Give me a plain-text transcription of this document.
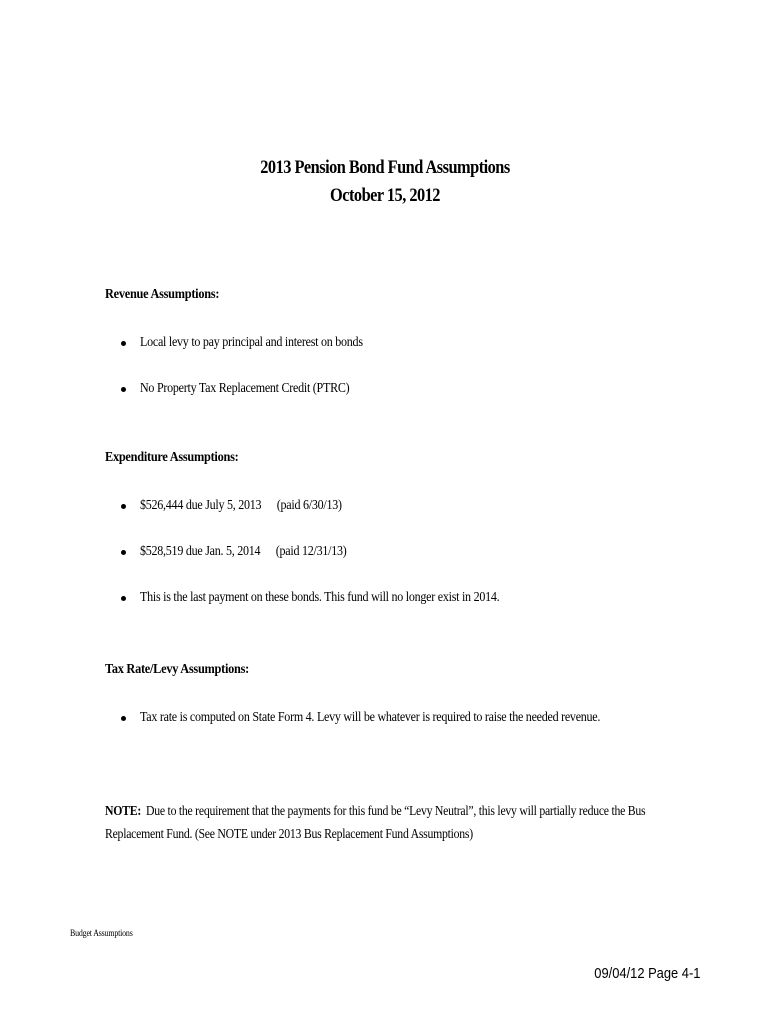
2013 Pension Bond Fund Assumptions
October 15, 2012
Revenue Assumptions:
Local levy to pay principal and interest on bonds
No Property Tax Replacement Credit (PTRC)
Expenditure Assumptions:
$526,444 due July 5, 2013 (paid 6/30/13)
$528,519 due Jan. 5, 2014 (paid 12/31/13)
This is the last payment on these bonds. This fund will no longer exist in 2014.
Tax Rate/Levy Assumptions:
Tax rate is computed on State Form 4. Levy will be whatever is required to raise the needed revenue.
NOTE: Due to the requirement that the payments for this fund be “Levy Neutral”, this levy will partially reduce the Bus Replacement Fund. (See NOTE under 2013 Bus Replacement Fund Assumptions)
Budget Assumptions
09/04/12 Page 4-1
